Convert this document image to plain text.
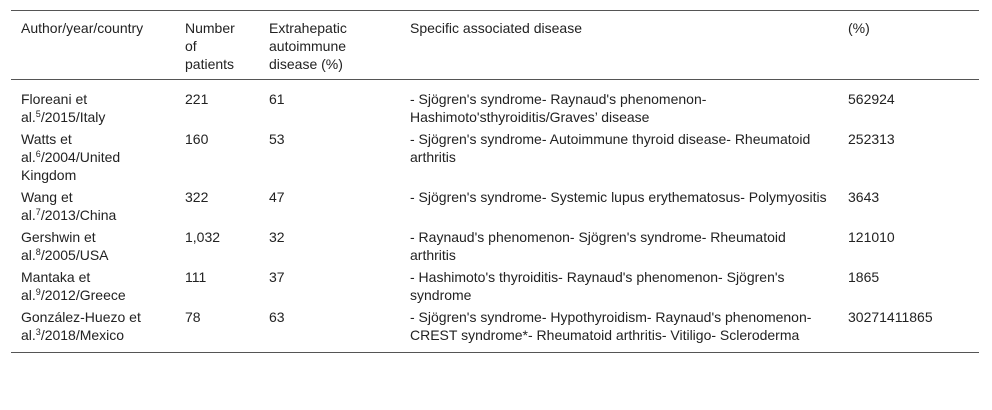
Author/year/country	Number of patients	Extrahepatic autoimmune disease (%)	Specific associated disease	(%)
Floreani et al.$^5$/2015/Italy	221	61	- Sjögren's syndrome- Raynaud's phenomenon- Hashimoto'sthyroiditis/Graves’ disease	562924
Watts et al.$^6$/2004/United Kingdom	160	53	- Sjögren's syndrome- Autoimmune thyroid disease- Rheumatoid arthritis	252313
Wang et al.$^7$/2013/China	322	47	- Sjögren's syndrome- Systemic lupus erythematosus- Polymyositis	3643
Gershwin et al.$^8$/2005/USA	1,032	32	- Raynaud's phenomenon- Sjögren's syndrome- Rheumatoid arthritis	121010
Mantaka et al.$^9$/2012/Greece	111	37	- Hashimoto's thyroiditis- Raynaud's phenomenon- Sjögren's syndrome	1865
González-Huezo et al.$^3$/2018/Mexico	78	63	- Sjögren's syndrome- Hypothyroidism- Raynaud's phenomenon- CREST syndrome*- Rheumatoid arthritis- Vitiligo- Scleroderma	30271411865
